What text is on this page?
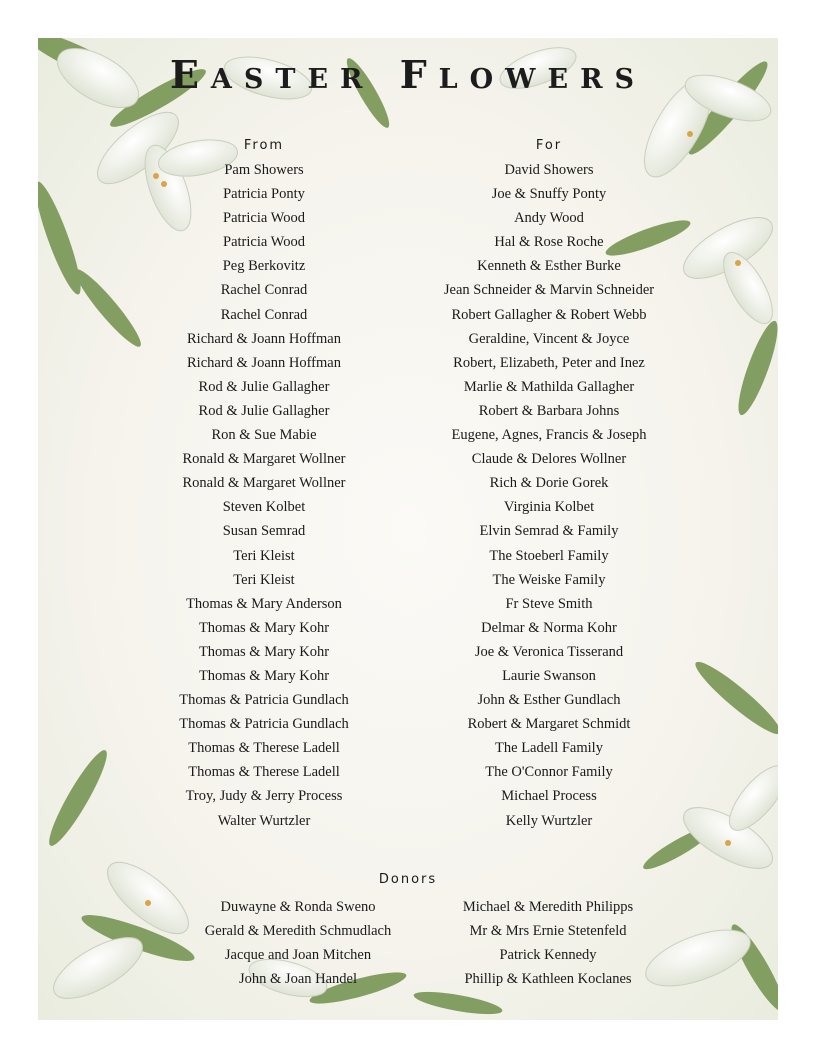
Easter Flowers
From
Pam Showers
Patricia Ponty
Patricia Wood
Patricia Wood
Peg Berkovitz
Rachel Conrad
Rachel Conrad
Richard & Joann Hoffman
Richard & Joann Hoffman
Rod & Julie Gallagher
Rod & Julie Gallagher
Ron & Sue Mabie
Ronald & Margaret Wollner
Ronald & Margaret Wollner
Steven Kolbet
Susan Semrad
Teri Kleist
Teri Kleist
Thomas & Mary Anderson
Thomas & Mary Kohr
Thomas & Mary Kohr
Thomas & Mary Kohr
Thomas & Patricia Gundlach
Thomas & Patricia Gundlach
Thomas & Therese Ladell
Thomas & Therese Ladell
Troy, Judy & Jerry Process
Walter Wurtzler
For
David Showers
Joe & Snuffy Ponty
Andy Wood
Hal & Rose Roche
Kenneth & Esther Burke
Jean Schneider & Marvin Schneider
Robert Gallagher & Robert Webb
Geraldine, Vincent & Joyce
Robert, Elizabeth, Peter and Inez
Marlie & Mathilda Gallagher
Robert & Barbara Johns
Eugene, Agnes, Francis & Joseph
Claude & Delores Wollner
Rich & Dorie Gorek
Virginia Kolbet
Elvin Semrad & Family
The Stoeberl Family
The Weiske Family
Fr Steve Smith
Delmar & Norma Kohr
Joe & Veronica Tisserand
Laurie Swanson
John & Esther Gundlach
Robert & Margaret Schmidt
The Ladell Family
The O'Connor Family
Michael Process
Kelly Wurtzler
Donors
Duwayne & Ronda Sweno
Gerald & Meredith Schmudlach
Jacque and Joan Mitchen
John & Joan Handel
Michael & Meredith Philipps
Mr & Mrs Ernie Stetenfeld
Patrick Kennedy
Phillip & Kathleen Koclanes
